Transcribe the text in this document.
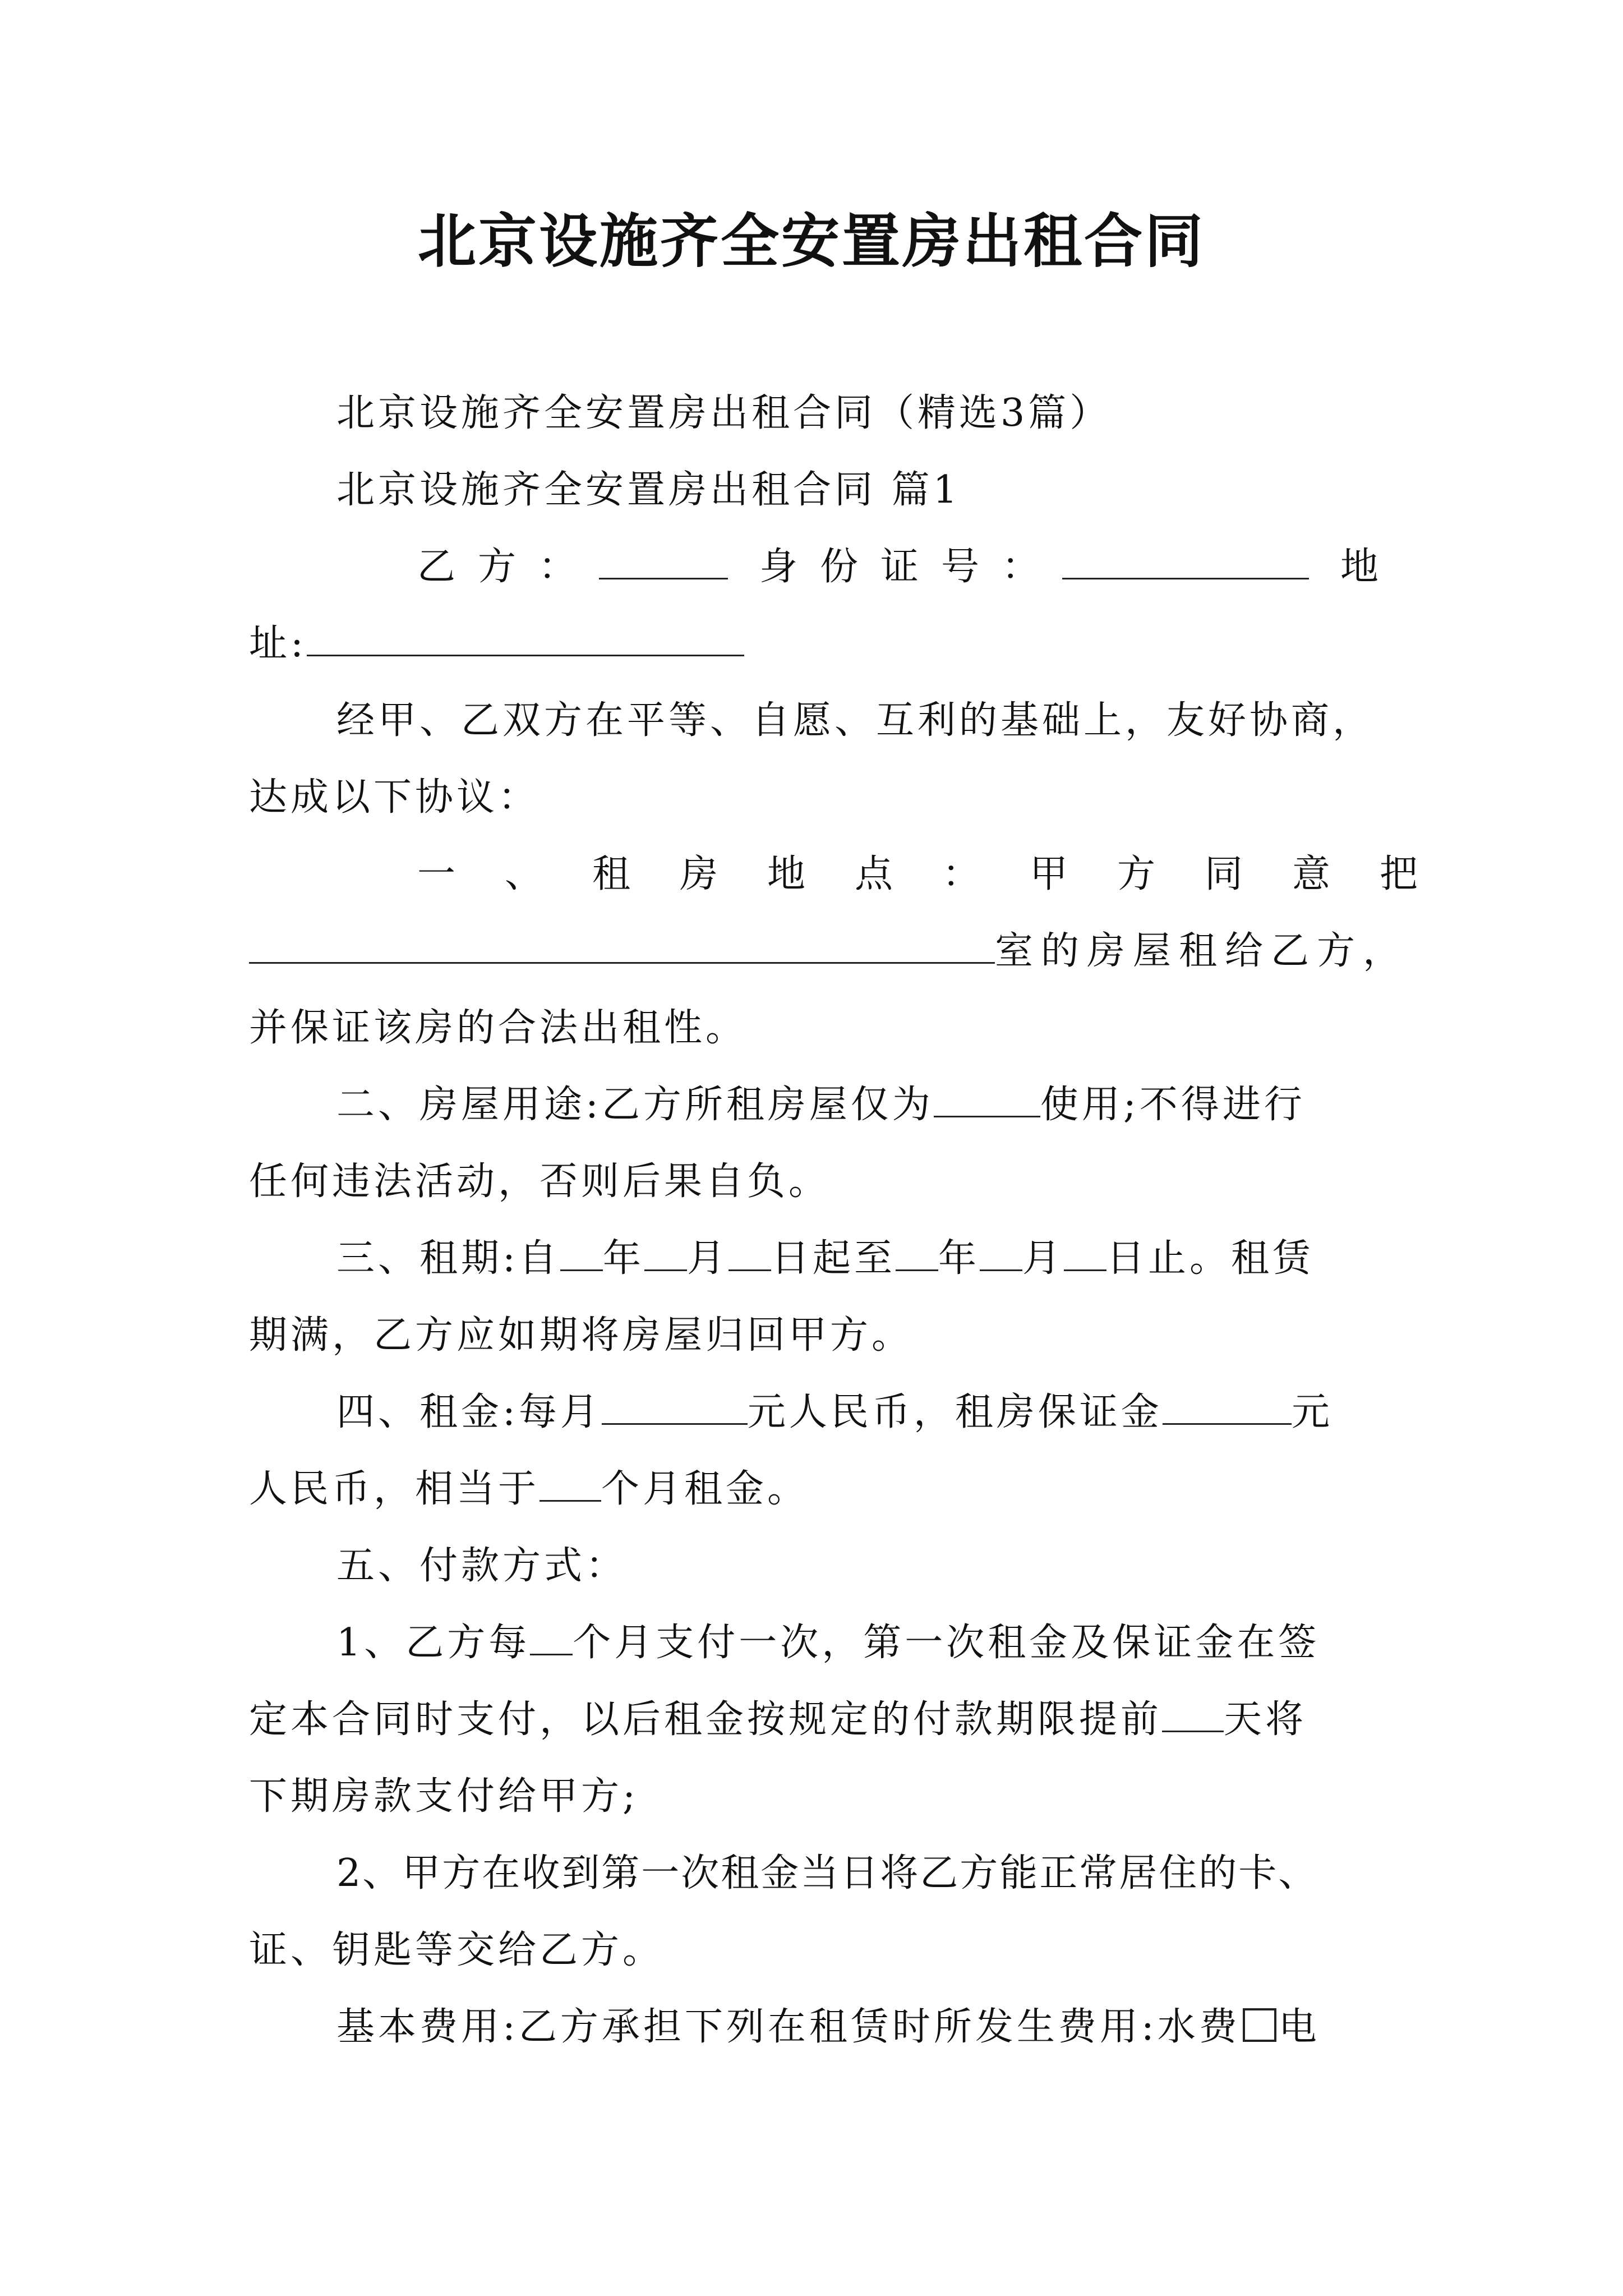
北京设施齐全安置房出租合同
北京设施齐全安置房出租合同（精选3篇）
北京设施齐全安置房出租合同 篇1
乙方：	身份证号：	地
址:
经甲、乙双方在平等、自愿、互利的基础上，友好协商，
达成以下协议：
一、租房地点：甲方同意把
室的房屋租给乙方，
并保证该房的合法出租性。
二、房屋用途:乙方所租房屋仅为	使用;不得进行
任何违法活动，否则后果自负。
三、租期:自 年 月 日起至 年 月 日止。租赁
期满，乙方应如期将房屋归回甲方。
四、租金:每月	元人民币，租房保证金	元
人民币，相当于 个月租金。
五、付款方式：
1、乙方每 个月支付一次，第一次租金及保证金在签
定本合同时支付，以后租金按规定的付款期限提前 天将
下期房款支付给甲方;
2、甲方在收到第一次租金当日将乙方能正常居住的卡、
证、钥匙等交给乙方。
基本费用:乙方承担下列在租赁时所发生费用:水费 电
